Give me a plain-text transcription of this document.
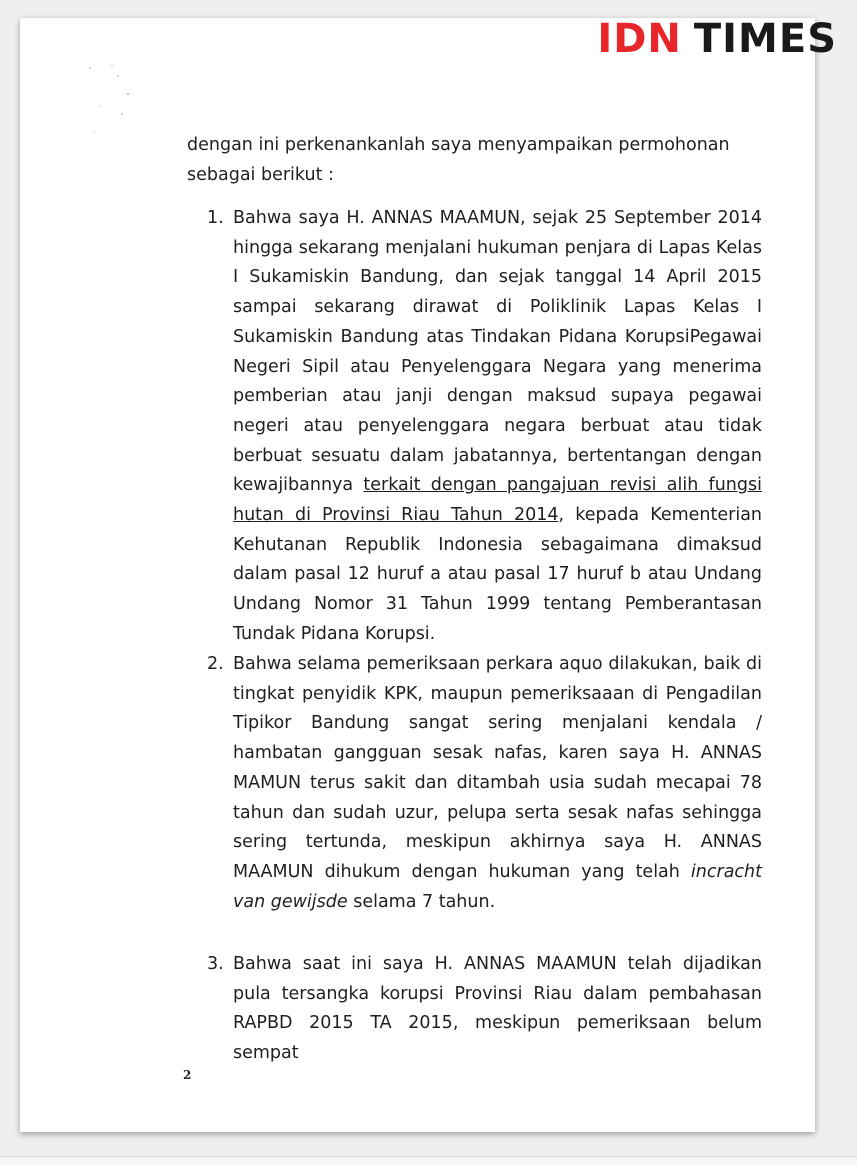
dengan ini perkenankanlah saya menyampaikan permohonan sebagai berikut :
1. Bahwa saya H. ANNAS MAAMUN, sejak 25 September 2014 hingga sekarang menjalani hukuman penjara di Lapas Kelas I Sukamiskin Bandung, dan sejak tanggal 14 April 2015 sampai sekarang dirawat di Poliklinik Lapas Kelas I Sukamiskin Bandung atas Tindakan Pidana KorupsiPegawai Negeri Sipil atau Penyelenggara Negara yang menerima pemberian atau janji dengan maksud supaya pegawai negeri atau penyelenggara negara berbuat atau tidak berbuat sesuatu dalam jabatannya, bertentangan dengan kewajibannya terkait dengan pangajuan revisi alih fungsi hutan di Provinsi Riau Tahun 2014, kepada Kementerian Kehutanan Republik Indonesia sebagaimana dimaksud dalam pasal 12 huruf a atau pasal 17 huruf b atau Undang Undang Nomor 31 Tahun 1999 tentang Pemberantasan Tundak Pidana Korupsi.
2. Bahwa selama pemeriksaan perkara aquo dilakukan, baik di tingkat penyidik KPK, maupun pemeriksaaan di Pengadilan Tipikor Bandung sangat sering menjalani kendala / hambatan gangguan sesak nafas, karen saya H. ANNAS MAMUN terus sakit dan ditambah usia sudah mecapai 78 tahun dan sudah uzur, pelupa serta sesak nafas sehingga sering tertunda, meskipun akhirnya saya H. ANNAS MAAMUN dihukum dengan hukuman yang telah incracht van gewijsde selama 7 tahun.
3. Bahwa saat ini saya H. ANNAS MAAMUN telah dijadikan pula tersangka korupsi Provinsi Riau dalam pembahasan RAPBD 2015 TA 2015, meskipun pemeriksaan belum sempat
2
IDN TIMES
